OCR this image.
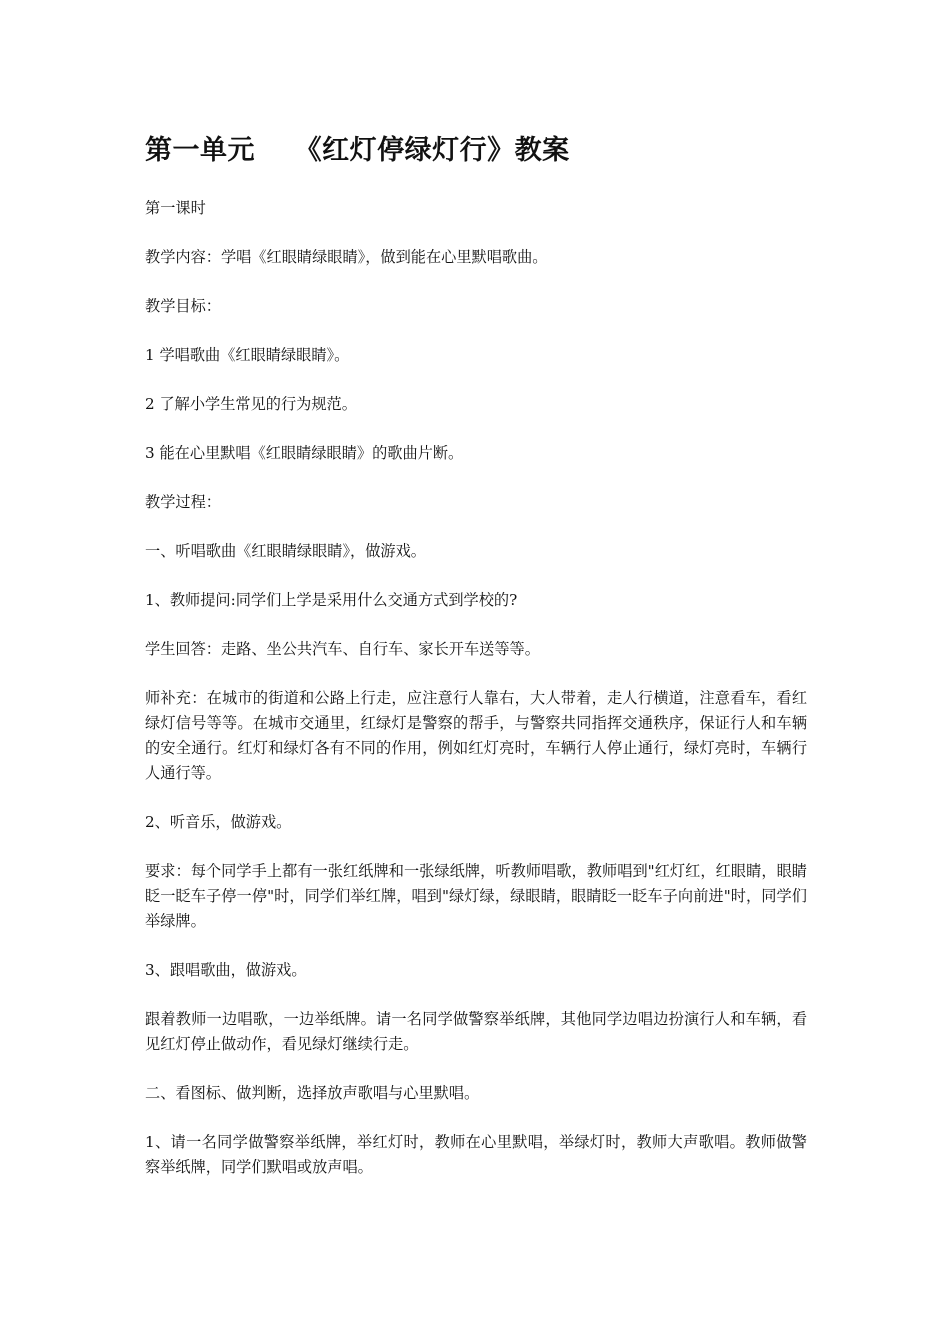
第一单元    《红灯停绿灯行》教案

第一课时

教学内容：学唱《红眼睛绿眼睛》，做到能在心里默唱歌曲。

教学目标：

1 学唱歌曲《红眼睛绿眼睛》。

2 了解小学生常见的行为规范。

3 能在心里默唱《红眼睛绿眼睛》的歌曲片断。

教学过程：

一、听唱歌曲《红眼睛绿眼睛》，做游戏。

1、教师提问:同学们上学是采用什么交通方式到学校的?

学生回答：走路、坐公共汽车、自行车、家长开车送等等。

师补充：在城市的街道和公路上行走，应注意行人靠右，大人带着，走人行横道，注意看车，看红绿灯信号等等。在城市交通里，红绿灯是警察的帮手，与警察共同指挥交通秩序，保证行人和车辆的安全通行。红灯和绿灯各有不同的作用，例如红灯亮时，车辆行人停止通行，绿灯亮时，车辆行人通行等。

2、听音乐，做游戏。

要求：每个同学手上都有一张红纸牌和一张绿纸牌，听教师唱歌，教师唱到"红灯红，红眼睛，眼睛眨一眨车子停一停"时，同学们举红牌，唱到"绿灯绿，绿眼睛，眼睛眨一眨车子向前进"时，同学们举绿牌。

3、跟唱歌曲，做游戏。

跟着教师一边唱歌，一边举纸牌。请一名同学做警察举纸牌，其他同学边唱边扮演行人和车辆，看见红灯停止做动作，看见绿灯继续行走。

二、看图标、做判断，选择放声歌唱与心里默唱。

1、请一名同学做警察举纸牌，举红灯时，教师在心里默唱，举绿灯时，教师大声歌唱。教师做警察举纸牌，同学们默唱或放声唱。
